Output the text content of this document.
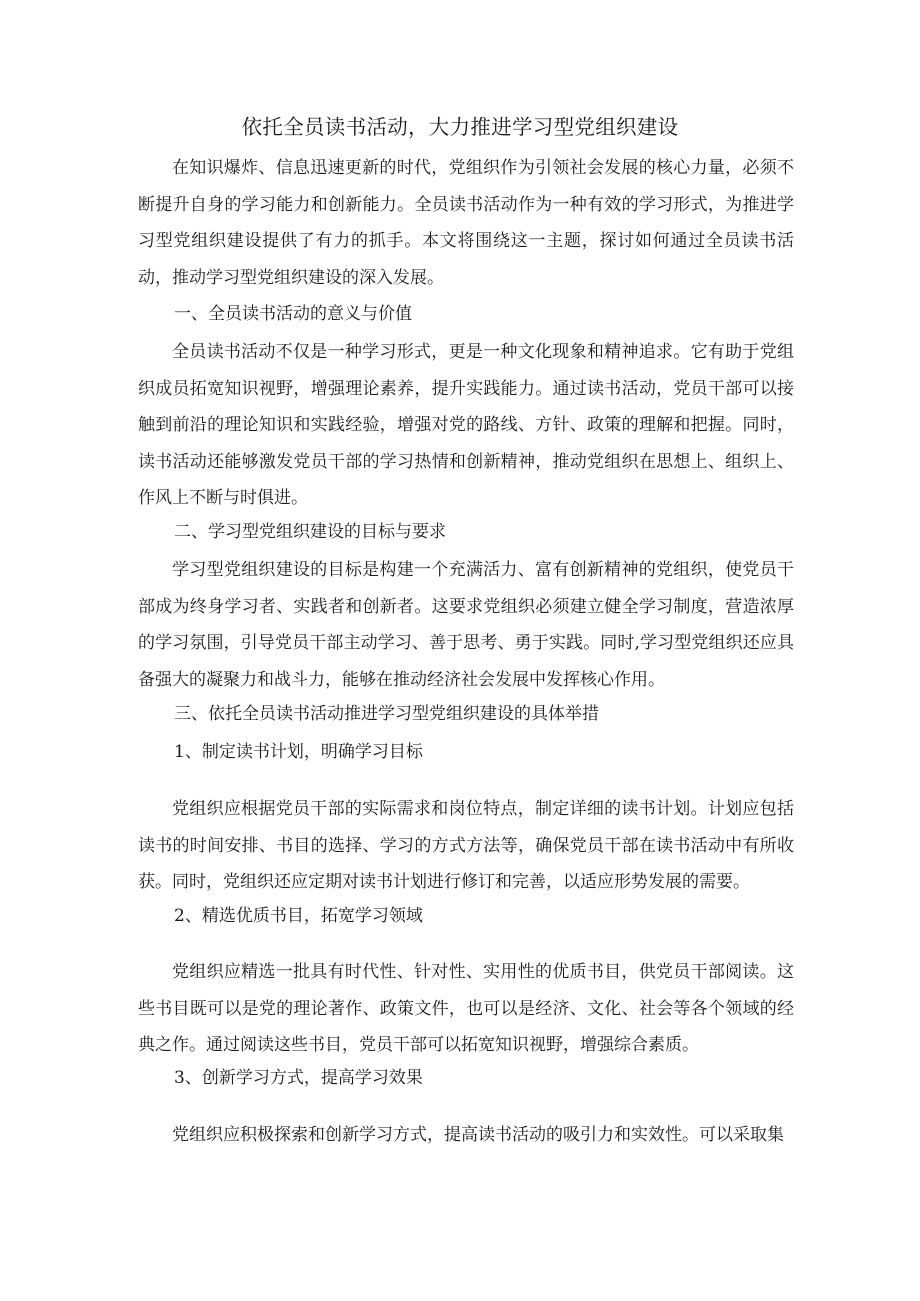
依托全员读书活动，大力推进学习型党组织建设

在知识爆炸、信息迅速更新的时代，党组织作为引领社会发展的核心力量，必须不断提升自身的学习能力和创新能力。全员读书活动作为一种有效的学习形式，为推进学习型党组织建设提供了有力的抓手。本文将围绕这一主题，探讨如何通过全员读书活动，推动学习型党组织建设的深入发展。

一、全员读书活动的意义与价值

全员读书活动不仅是一种学习形式，更是一种文化现象和精神追求。它有助于党组织成员拓宽知识视野，增强理论素养，提升实践能力。通过读书活动，党员干部可以接触到前沿的理论知识和实践经验，增强对党的路线、方针、政策的理解和把握。同时，读书活动还能够激发党员干部的学习热情和创新精神，推动党组织在思想上、组织上、作风上不断与时俱进。

二、学习型党组织建设的目标与要求

学习型党组织建设的目标是构建一个充满活力、富有创新精神的党组织，使党员干部成为终身学习者、实践者和创新者。这要求党组织必须建立健全学习制度，营造浓厚的学习氛围，引导党员干部主动学习、善于思考、勇于实践。同时,学习型党组织还应具备强大的凝聚力和战斗力，能够在推动经济社会发展中发挥核心作用。

三、依托全员读书活动推进学习型党组织建设的具体举措

1、制定读书计划，明确学习目标

党组织应根据党员干部的实际需求和岗位特点，制定详细的读书计划。计划应包括读书的时间安排、书目的选择、学习的方式方法等，确保党员干部在读书活动中有所收获。同时，党组织还应定期对读书计划进行修订和完善，以适应形势发展的需要。

2、精选优质书目，拓宽学习领域

党组织应精选一批具有时代性、针对性、实用性的优质书目，供党员干部阅读。这些书目既可以是党的理论著作、政策文件，也可以是经济、文化、社会等各个领域的经典之作。通过阅读这些书目，党员干部可以拓宽知识视野，增强综合素质。

3、创新学习方式，提高学习效果

党组织应积极探索和创新学习方式，提高读书活动的吸引力和实效性。可以采取集
